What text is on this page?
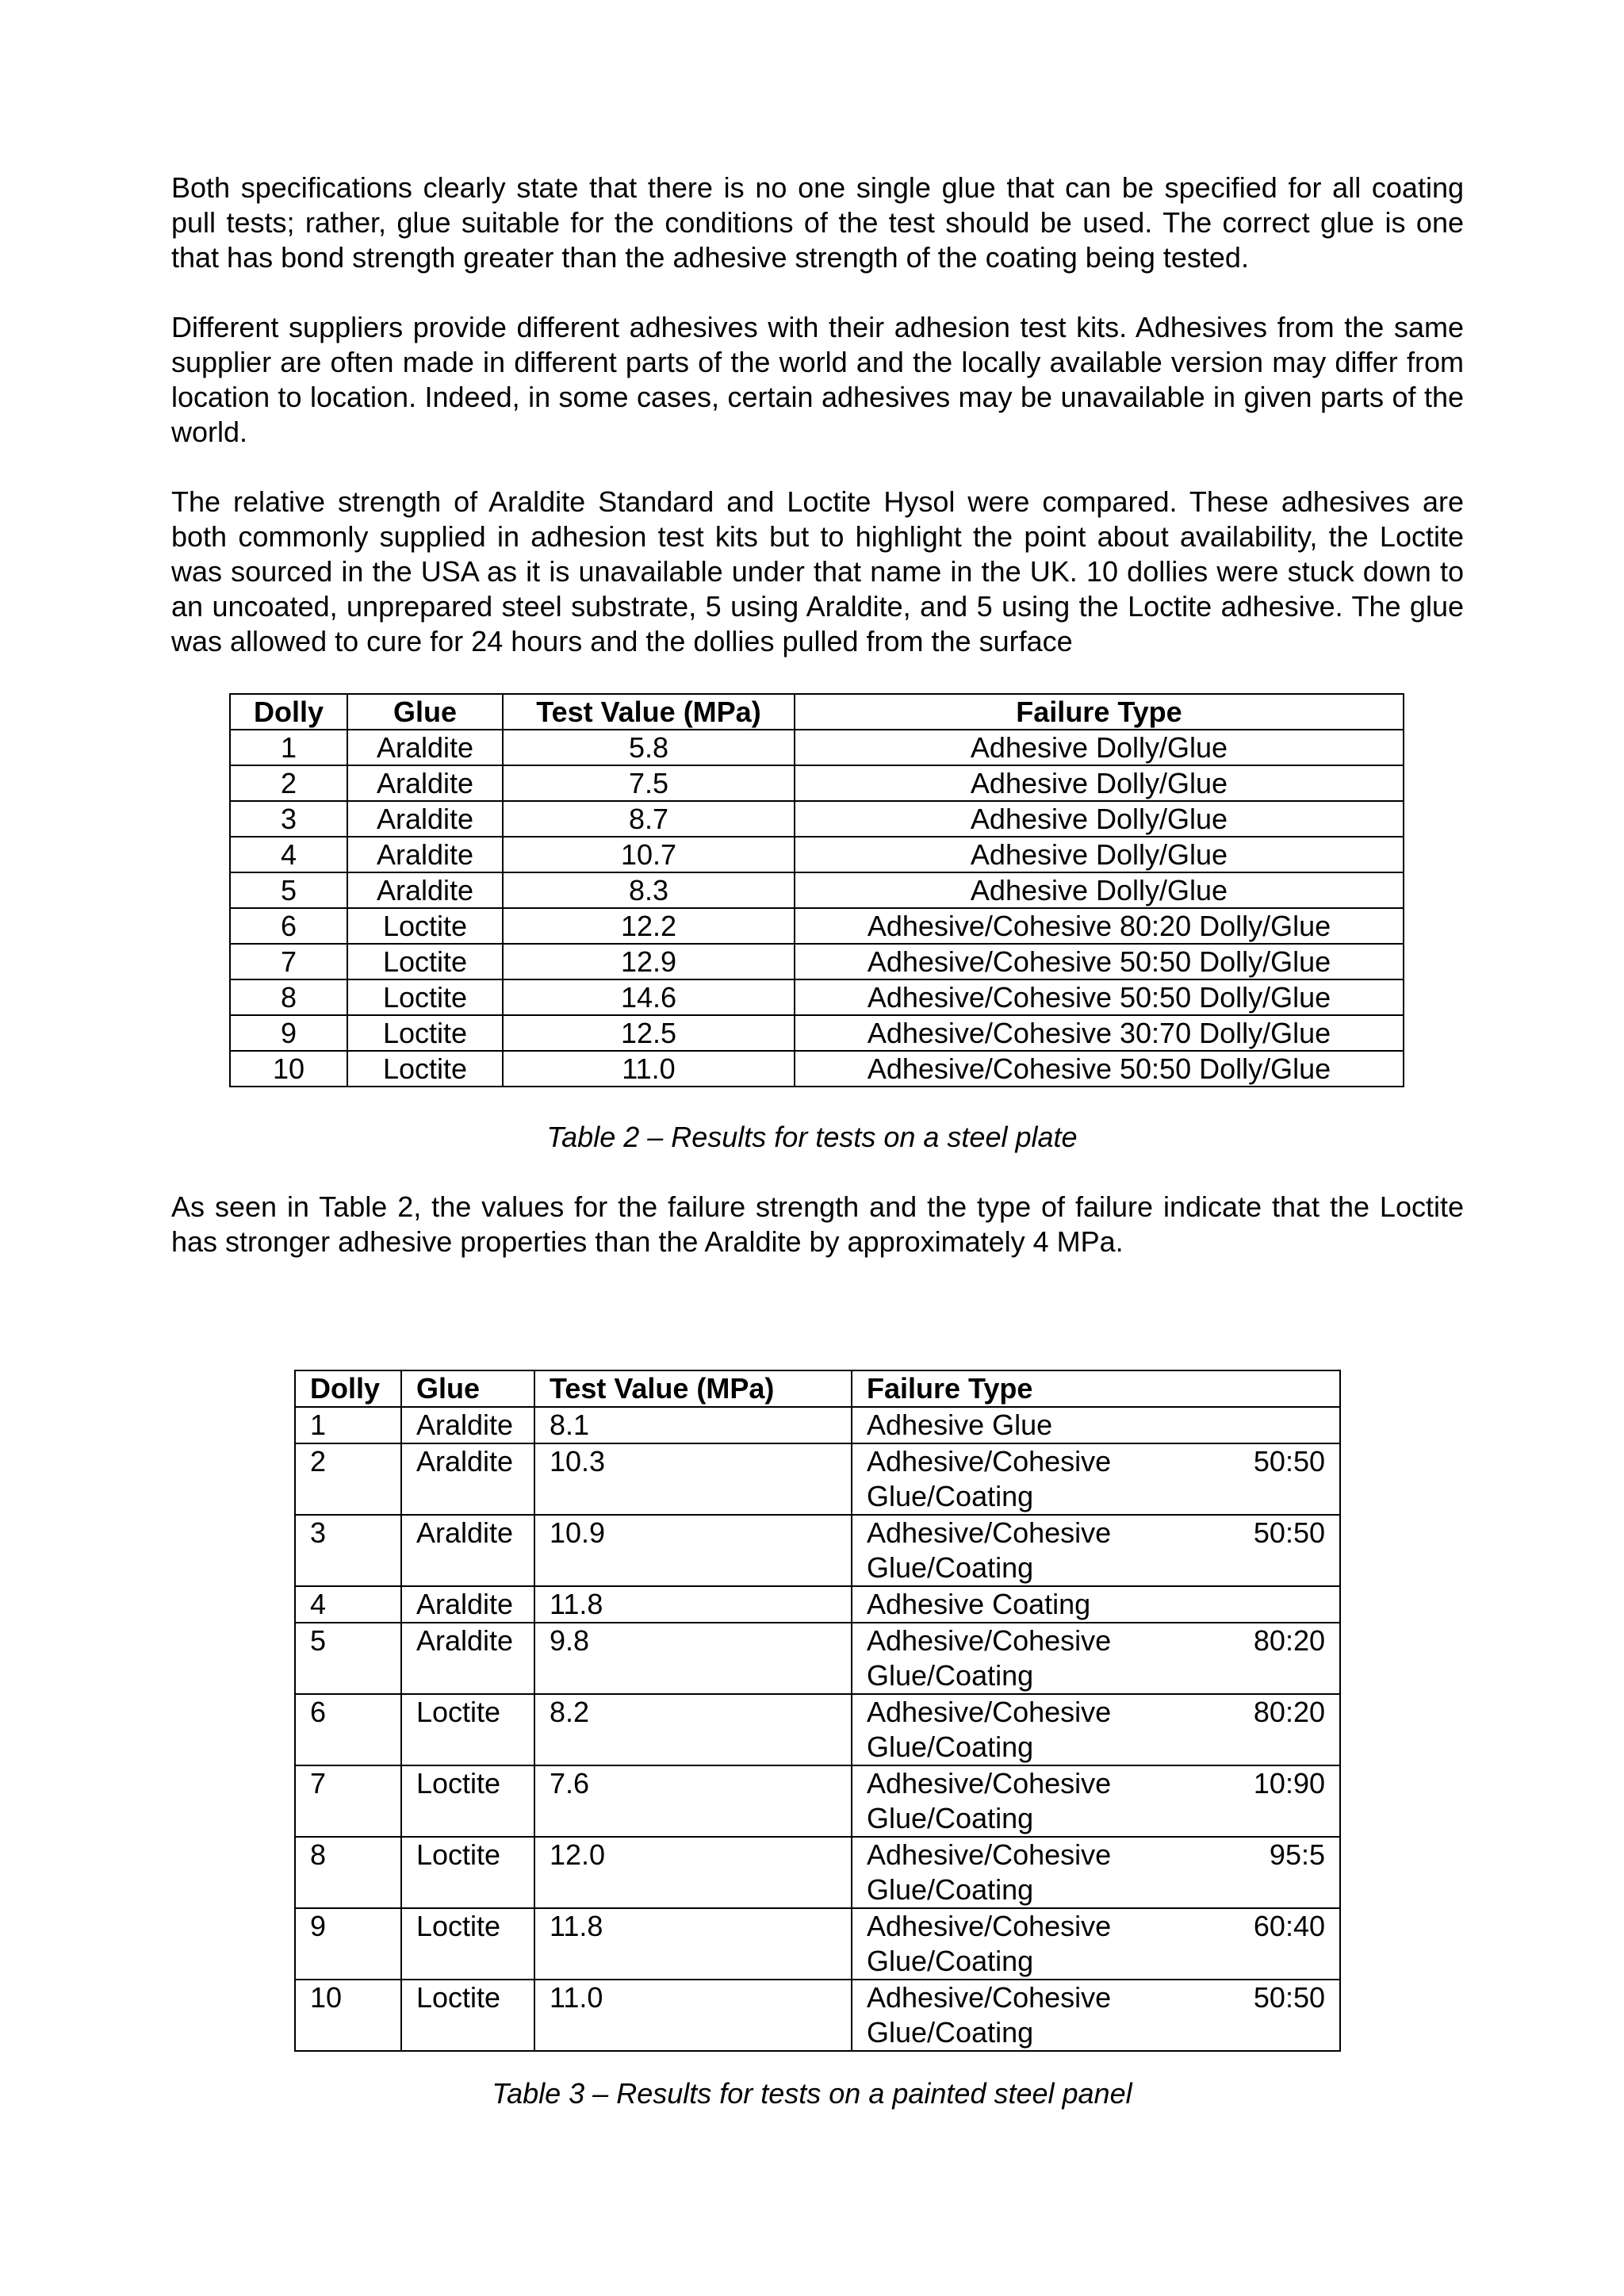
Both specifications clearly state that there is no one single glue that can be specified for all coating pull tests; rather, glue suitable for the conditions of the test should be used. The correct glue is one that has bond strength greater than the adhesive strength of the coating being tested.

Different suppliers provide different adhesives with their adhesion test kits. Adhesives from the same supplier are often made in different parts of the world and the locally available version may differ from location to location. Indeed, in some cases, certain adhesives may be unavailable in given parts of the world.

The relative strength of Araldite Standard and Loctite Hysol were compared. These adhesives are both commonly supplied in adhesion test kits but to highlight the point about availability, the Loctite was sourced in the USA as it is unavailable under that name in the UK. 10 dollies were stuck down to an uncoated, unprepared steel substrate, 5 using Araldite, and 5 using the Loctite adhesive. The glue was allowed to cure for 24 hours and the dollies pulled from the surface

Dolly	Glue	Test Value (MPa)	Failure Type
1	Araldite	5.8	Adhesive Dolly/Glue
2	Araldite	7.5	Adhesive Dolly/Glue
3	Araldite	8.7	Adhesive Dolly/Glue
4	Araldite	10.7	Adhesive Dolly/Glue
5	Araldite	8.3	Adhesive Dolly/Glue
6	Loctite	12.2	Adhesive/Cohesive 80:20 Dolly/Glue
7	Loctite	12.9	Adhesive/Cohesive 50:50 Dolly/Glue
8	Loctite	14.6	Adhesive/Cohesive 50:50 Dolly/Glue
9	Loctite	12.5	Adhesive/Cohesive 30:70 Dolly/Glue
10	Loctite	11.0	Adhesive/Cohesive 50:50 Dolly/Glue

Table 2 – Results for tests on a steel plate

As seen in Table 2, the values for the failure strength and the type of failure indicate that the Loctite has stronger adhesive properties than the Araldite by approximately 4 MPa.

Dolly	Glue	Test Value (MPa)	Failure Type
1	Araldite	8.1	Adhesive Glue

2	Araldite	10.3	Adhesive/Cohesive 50:50
Glue/Coating

3	Araldite	10.9	Adhesive/Cohesive 50:50
Glue/Coating

4	Araldite	11.8	Adhesive Coating

5	Araldite	9.8	Adhesive/Cohesive 80:20
Glue/Coating

6	Loctite	8.2	Adhesive/Cohesive 80:20
Glue/Coating

7	Loctite	7.6	Adhesive/Cohesive 10:90
Glue/Coating

8	Loctite	12.0	Adhesive/Cohesive 95:5
Glue/Coating

9	Loctite	11.8	Adhesive/Cohesive 60:40
Glue/Coating

10	Loctite	11.0	Adhesive/Cohesive 50:50
Glue/Coating

Table 3 – Results for tests on a painted steel panel
